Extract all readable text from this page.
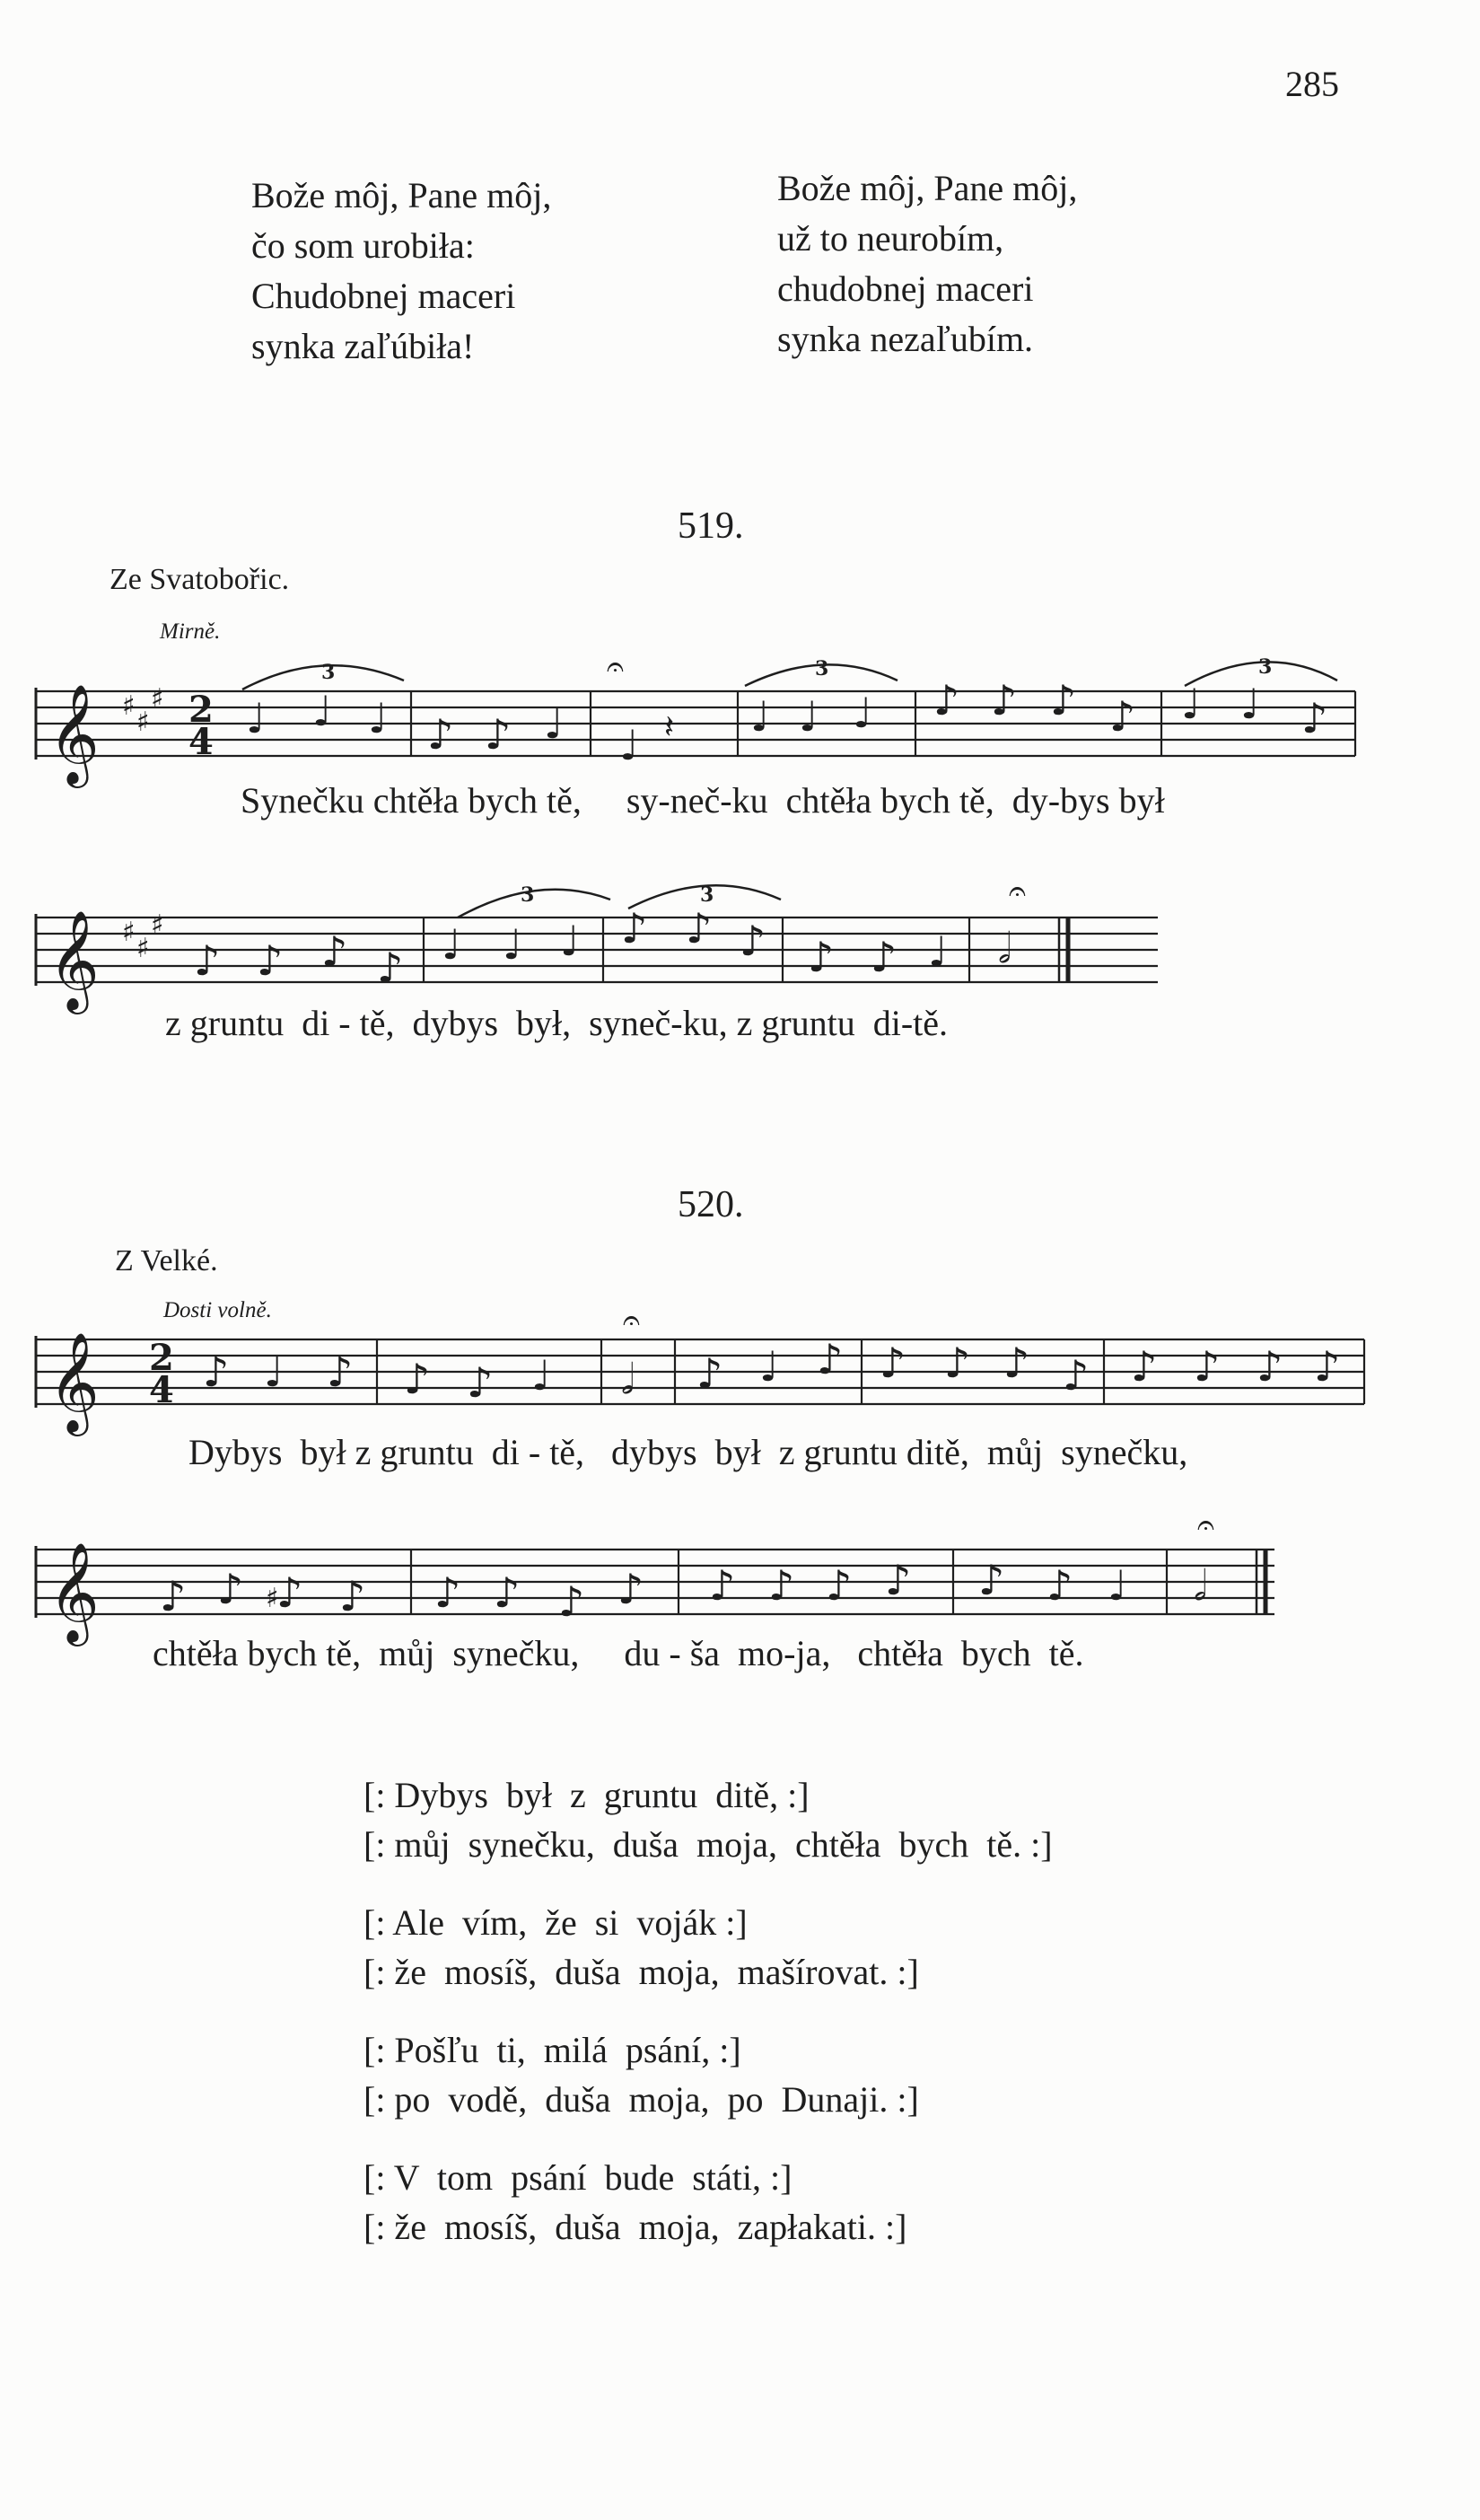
285
Bože môj, Pane môj,
čo som urobiła:
Chudobnej maceri
synka zaľúbiła!
Bože môj, Pane môj,
už to neurobím,
chudobnej maceri
synka nezaľubím.
519.
Ze Svatobořic.
Mirně.
𝄞 ♯
♯
♯ 2
4
3	3	3
𝄐
𝄽
♩ ♩ ♩ ♪ ♪ ♩ ♩
♩ ♩ ♩ ♪ ♪ ♪ ♪ ♩ ♩ ♪
Synečku chtěła bych tě,     sy-neč-ku  chtěła bych tě,  dy-bys był
𝄞 ♯
♯
♯
3	3	𝄐
♪ ♪ ♪ ♪ ♩ ♩ ♩ ♪ ♪ ♪ ♪ ♪ ♩ 𝅗𝅥
z gruntu  di - tě,  dybys  był,  syneč-ku, z gruntu  di-tě.
520.
Z Velké.
Dosti volně.
𝄞 2
4
𝄐
♪ ♩ ♪ ♪ ♪ ♩ 𝅗𝅥 ♪ ♩ ♪ ♪ ♪ ♪ ♪ ♪ ♪ ♪ ♪
Dybys  był z gruntu  di - tě,   dybys  był  z gruntu ditě,  můj  synečku,
𝄞
𝄐
♯
♪ ♪ ♪ ♪ ♪ ♪ ♪ ♪ ♪ ♪ ♪ ♪ ♪ ♪ ♩ 𝅗𝅥
chtěła bych tě,  můj  synečku,     du - ša  mo-ja,   chtěła  bych  tě.
[: Dybys  był  z  gruntu  ditě, :]
[: můj  synečku,  duša  moja,  chtěła  bych  tě. :]
[: Ale  vím,  že  si  voják :]
[: že  mosíš,  duša  moja,  mašírovat. :]
[: Pošľu  ti,  milá  psání, :]
[: po  vodě,  duša  moja,  po  Dunaji. :]
[: V  tom  psání  bude  státi, :]
[: že  mosíš,  duša  moja,  zapłakati. :]
